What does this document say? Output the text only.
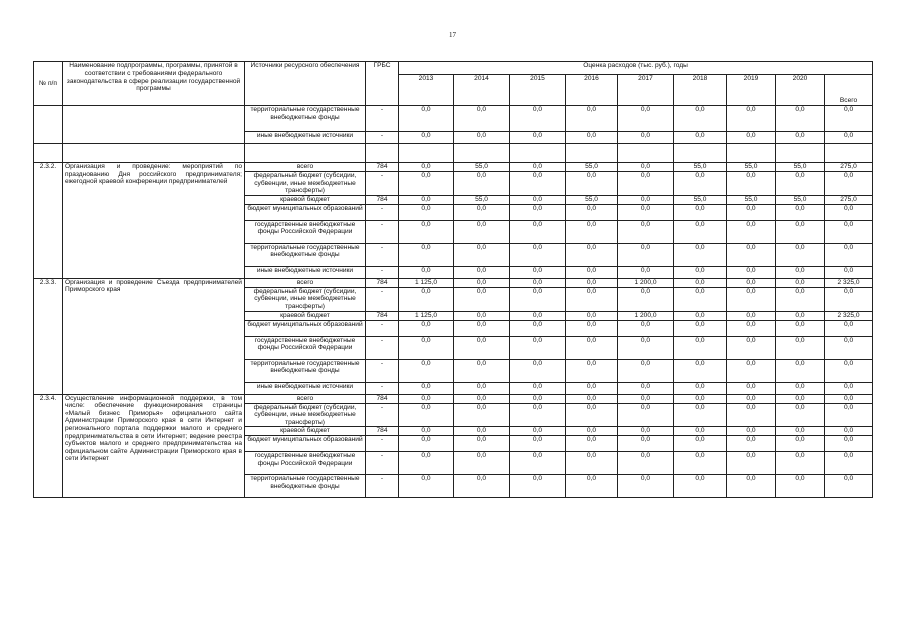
17
№ п/п	Наименование подпрограммы, программы, принятой в соответствии с требованиями федерального законодательства в сфере реализации государственной программы	Источники ресурсного обеспечения	ГРБС	Оценка расходов (тыс. руб.), годы								
				2013	2014	2015	2016	2017	2018	2019	2020	Всего
		территориальные государственные внебюджетные фонды	-	0,0	0,0	0,0	0,0	0,0	0,0	0,0	0,0	0,0
		иные внебюджетные источники	-	0,0	0,0	0,0	0,0	0,0	0,0	0,0	0,0	0,0

2.3.2.	Организация и проведение: мероприятий по празднованию Дня российского предпринимателя; ежегодной краевой конференции предпринимателей	всего	784	0,0	55,0	0,0	55,0	0,0	55,0	55,0	55,0	275,0
		федеральный бюджет (субсидии, субвенции, иные межбюджетные трансферты)	-	0,0	0,0	0,0	0,0	0,0	0,0	0,0	0,0	0,0
		краевой бюджет	784	0,0	55,0	0,0	55,0	0,0	55,0	55,0	55,0	275,0
		бюджет муниципальных образований	-	0,0	0,0	0,0	0,0	0,0	0,0	0,0	0,0	0,0
		государственные внебюджетные фонды Российской Федерации	-	0,0	0,0	0,0	0,0	0,0	0,0	0,0	0,0	0,0
		территориальные государственные внебюджетные фонды	-	0,0	0,0	0,0	0,0	0,0	0,0	0,0	0,0	0,0
		иные внебюджетные источники	-	0,0	0,0	0,0	0,0	0,0	0,0	0,0	0,0	0,0
2.3.3.	Организация и проведение Съезда предпринимателей Приморского края	всего	784	1 125,0	0,0	0,0	0,0	1 200,0	0,0	0,0	0,0	2 325,0
		федеральный бюджет (субсидии, субвенции, иные межбюджетные трансферты)	-	0,0	0,0	0,0	0,0	0,0	0,0	0,0	0,0	0,0
		краевой бюджет	784	1 125,0	0,0	0,0	0,0	1 200,0	0,0	0,0	0,0	2 325,0
		бюджет муниципальных образований	-	0,0	0,0	0,0	0,0	0,0	0,0	0,0	0,0	0,0
		государственные внебюджетные фонды Российской Федерации	-	0,0	0,0	0,0	0,0	0,0	0,0	0,0	0,0	0,0
		территориальные государственные внебюджетные фонды	-	0,0	0,0	0,0	0,0	0,0	0,0	0,0	0,0	0,0
		иные внебюджетные источники	-	0,0	0,0	0,0	0,0	0,0	0,0	0,0	0,0	0,0
2.3.4.	Осуществление информационной поддержки, в том числе: обеспечение функционирования страницы «Малый бизнес Приморья» официального сайта Администрации Приморского края в сети Интернет и регионального портала поддержки малого и среднего предпринимательства в сети Интернет; ведение реестра субъектов малого и среднего предпринимательства на официальном сайте Администрации Приморского края в сети Интернет	всего	784	0,0	0,0	0,0	0,0	0,0	0,0	0,0	0,0	0,0
		федеральный бюджет (субсидии, субвенции, иные межбюджетные трансферты)	-	0,0	0,0	0,0	0,0	0,0	0,0	0,0	0,0	0,0
		краевой бюджет	784	0,0	0,0	0,0	0,0	0,0	0,0	0,0	0,0	0,0
		бюджет муниципальных образований	-	0,0	0,0	0,0	0,0	0,0	0,0	0,0	0,0	0,0
		государственные внебюджетные фонды Российской Федерации	-	0,0	0,0	0,0	0,0	0,0	0,0	0,0	0,0	0,0
		территориальные государственные внебюджетные фонды	-	0,0	0,0	0,0	0,0	0,0	0,0	0,0	0,0	0,0
